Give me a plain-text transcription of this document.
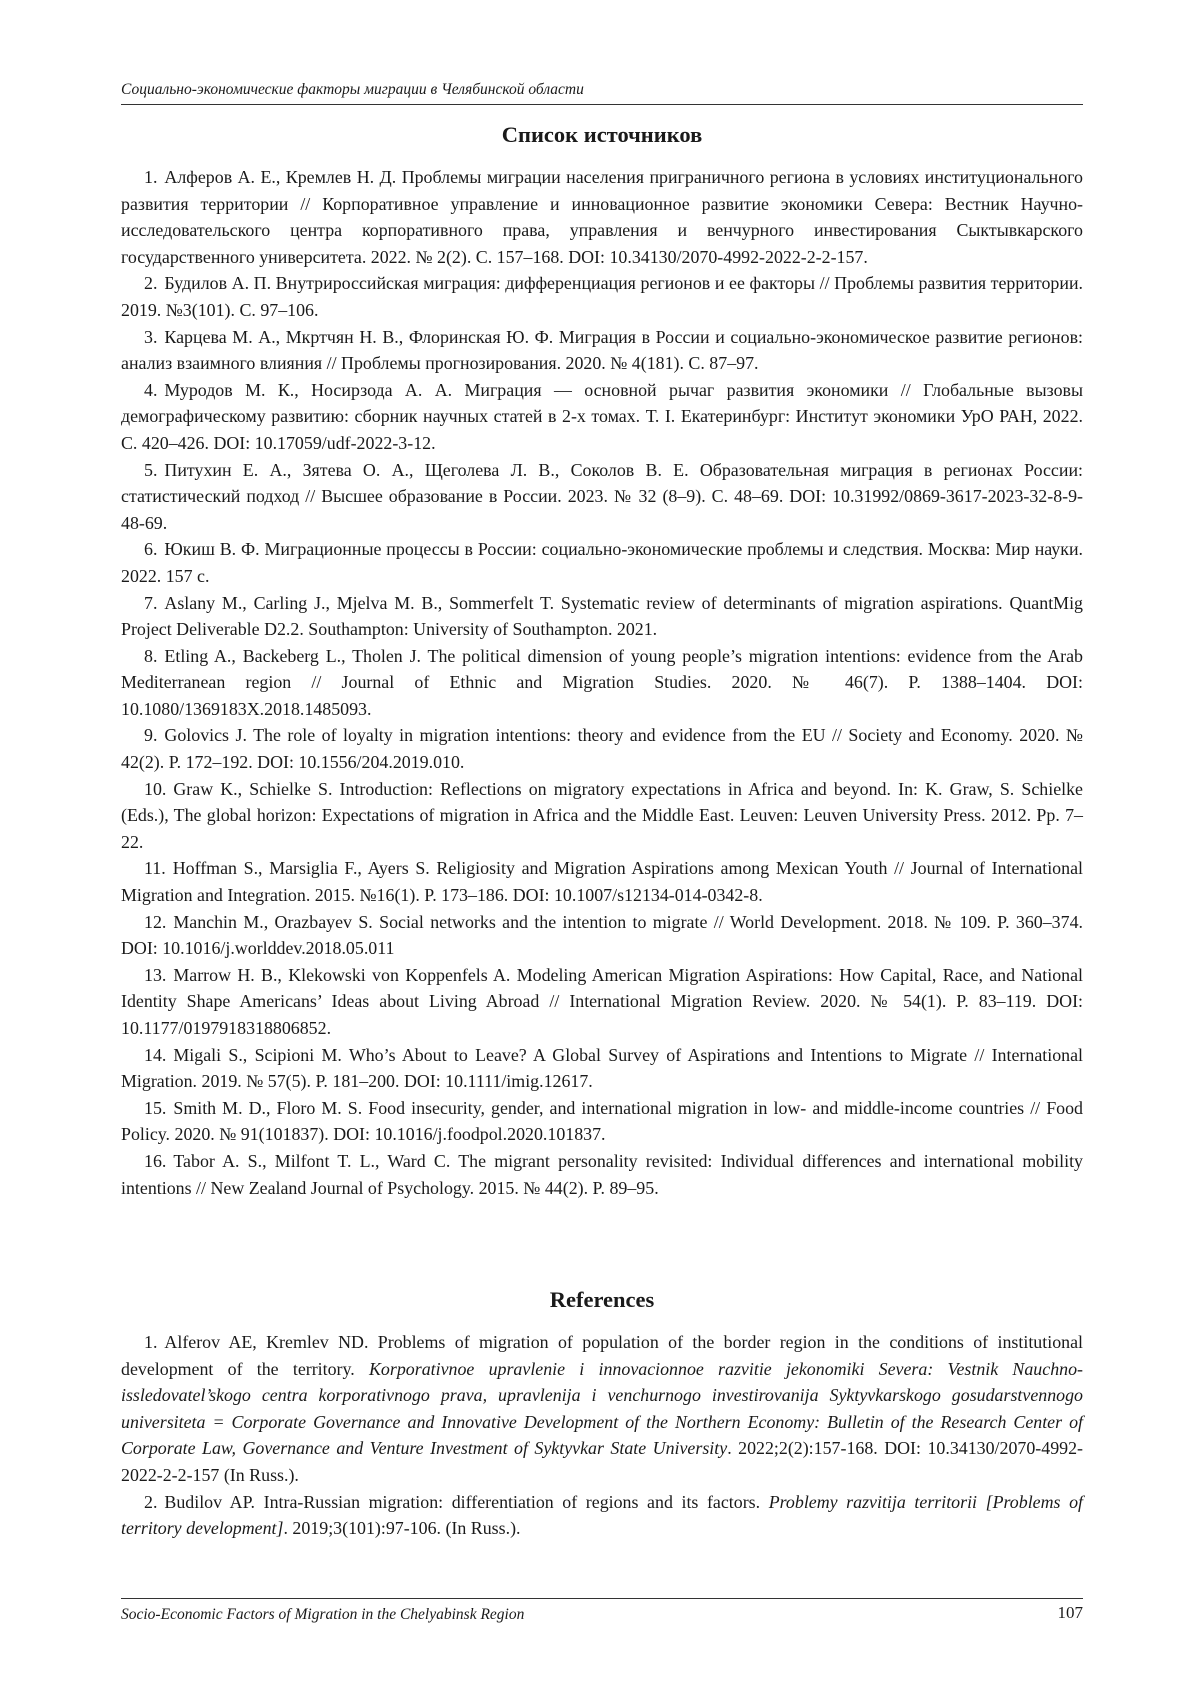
Социально-экономические факторы миграции в Челябинской области
Список источников

1. Алферов А. Е., Кремлев Н. Д. Проблемы миграции населения приграничного региона в условиях институционального развития территории // Корпоративное управление и инновационное развитие экономики Севера: Вестник Научно-исследовательского центра корпоративного права, управления и венчурного инвестирования Сыктывкарского государственного университета. 2022. № 2(2). С. 157–168. DOI: 10.34130/2070-4992-2022-2-2-157.

2. Будилов А. П. Внутрироссийская миграция: дифференциация регионов и ее факторы // Проблемы развития территории. 2019. №3(101). С. 97–106.

3. Карцева М. А., Мкртчян Н. В., Флоринская Ю. Ф. Миграция в России и социально-экономическое развитие регионов: анализ взаимного влияния // Проблемы прогнозирования. 2020. № 4(181). С. 87–97.

4. Муродов М. К., Носирзода А. А. Миграция — основной рычаг развития экономики // Глобальные вызовы демографическому развитию: сборник научных статей в 2-х томах. Т. I. Екатеринбург: Институт экономики УрО РАН, 2022. С. 420–426. DOI: 10.17059/udf-2022-3-12.

5. Питухин Е. А., Зятева О. А., Щеголева Л. В., Соколов В. Е. Образовательная миграция в регионах России: статистический подход // Высшее образование в России. 2023. № 32 (8–9). С. 48–69. DOI: 10.31992/0869-3617-2023-32-8-9-48-69.

6. Юкиш В. Ф. Миграционные процессы в России: социально-экономические проблемы и следствия. Москва: Мир науки. 2022. 157 с.

7. Aslany M., Carling J., Mjelva M. B., Sommerfelt T. Systematic review of determinants of migration aspirations. QuantMig Project Deliverable D2.2. Southampton: University of Southampton. 2021.

8. Etling A., Backeberg L., Tholen J. The political dimension of young people’s migration intentions: evidence from the Arab Mediterranean region // Journal of Ethnic and Migration Studies. 2020. № 46(7). P. 1388–1404. DOI: 10.1080/1369183X.2018.1485093.

9. Golovics J. The role of loyalty in migration intentions: theory and evidence from the EU // Society and Economy. 2020. № 42(2). P. 172–192. DOI: 10.1556/204.2019.010.

10. Graw K., Schielke S. Introduction: Reflections on migratory expectations in Africa and beyond. In: K. Graw, S. Schielke (Eds.), The global horizon: Expectations of migration in Africa and the Middle East. Leuven: Leuven University Press. 2012. Pp. 7–22.

11. Hoffman S., Marsiglia F., Ayers S. Religiosity and Migration Aspirations among Mexican Youth // Journal of International Migration and Integration. 2015. №16(1). P. 173–186. DOI: 10.1007/s12134-014-0342-8.

12. Manchin M., Orazbayev S. Social networks and the intention to migrate // World Development. 2018. № 109. P. 360–374. DOI: 10.1016/j.worlddev.2018.05.011

13. Marrow H. B., Klekowski von Koppenfels A. Modeling American Migration Aspirations: How Capital, Race, and National Identity Shape Americans’ Ideas about Living Abroad // International Migration Review. 2020. № 54(1). P. 83–119. DOI: 10.1177/0197918318806852.

14. Migali S., Scipioni M. Who’s About to Leave? A Global Survey of Aspirations and Intentions to Migrate // International Migration. 2019. № 57(5). P. 181–200. DOI: 10.1111/imig.12617.

15. Smith M. D., Floro M. S. Food insecurity, gender, and international migration in low- and middle-income countries // Food Policy. 2020. № 91(101837). DOI: 10.1016/j.foodpol.2020.101837.

16. Tabor A. S., Milfont T. L., Ward C. The migrant personality revisited: Individual differences and international mobility intentions // New Zealand Journal of Psychology. 2015. № 44(2). P. 89–95.

References

1. Alferov AE, Kremlev ND. Problems of migration of population of the border region in the conditions of institutional development of the territory. Korporativnoe upravlenie i innovacionnoe razvitie jekonomiki Severa: Vestnik Nauchno-issledovatel’skogo centra korporativnogo prava, upravlenija i venchurnogo investirovanija Syktyvkarskogo gosudarstvennogo universiteta = Corporate Governance and Innovative Development of the Northern Economy: Bulletin of the Research Center of Corporate Law, Governance and Venture Investment of Syktyvkar State University. 2022;2(2):157-168. DOI: 10.34130/2070-4992-2022-2-2-157 (In Russ.).

2. Budilov AP. Intra-Russian migration: differentiation of regions and its factors. Problemy razvitija territorii [Problems of territory development]. 2019;3(101):97-106. (In Russ.).

Socio-Economic Factors of Migration in the Chelyabinsk Region	107
